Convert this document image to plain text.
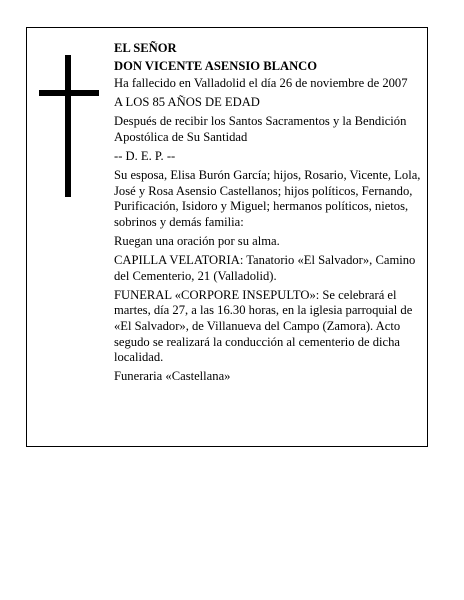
EL SEÑOR

DON VICENTE ASENSIO BLANCO

Ha fallecido en Valladolid el día 26 de noviembre de 2007

A LOS 85 AÑOS DE EDAD

Después de recibir los Santos Sacramentos y la Bendición Apostólica de Su Santidad

-- D. E. P. --

Su esposa, Elisa Burón García; hijos, Rosario, Vicente, Lola, José y Rosa Asensio Castellanos; hijos políticos, Fernando, Purificación, Isidoro y Miguel; hermanos políticos, nietos, sobrinos y demás familia:

Ruegan una oración por su alma.

CAPILLA VELATORIA: Tanatorio «El Salvador», Camino del Cementerio, 21 (Valladolid).

FUNERAL «CORPORE INSEPULTO»: Se celebrará el martes, día 27, a las 16.30 horas, en la iglesia parroquial de «El Salvador», de Villanueva del Campo (Zamora). Acto segudo se realizará la conducción al cementerio de dicha localidad.

Funeraria «Castellana»
